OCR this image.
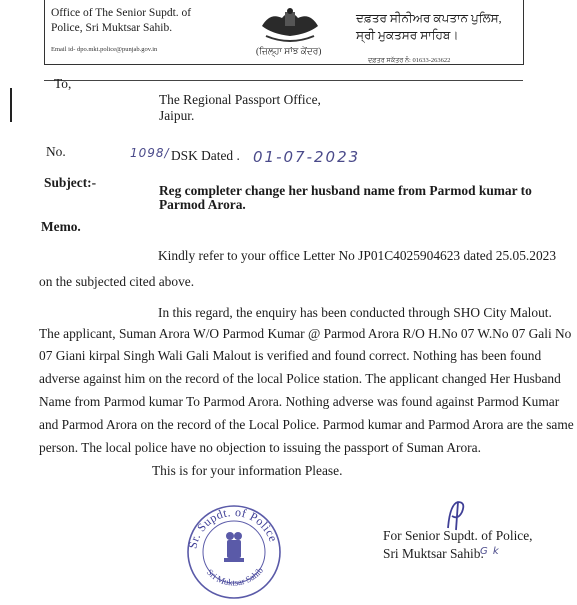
Office of The Senior Supdt. of
Police, Sri Muktsar Sahib.
Email id- dpo.mkt.police@punjab.gov.in	(ਜ਼ਿਲ੍ਹਾ ਸਾਂਝ ਕੇਂਦਰ)
ਦਫ਼ਤਰ ਸੀਨੀਅਰ ਕਪਤਾਨ ਪੁਲਿਸ,
ਸ੍ਰੀ ਮੁਕਤਸਰ ਸਾਹਿਬ।
ਦਫ਼ਤਰ ਸਕੱਤਰ ਨੰ: 01633-263622
To,
The Regional Passport Office,
Jaipur.
No.	1098/ DSK Dated . 01-07-2023
Subject:-
Reg completer change her husband name from Parmod kumar to
Parmod Arora.
Memo.
Kindly refer to your office Letter No JP01C4025904623 dated 25.05.2023
on the subjected cited above.
In this regard, the enquiry has been conducted through SHO City Malout.
The applicant, Suman Arora W/O Parmod Kumar @ Parmod Arora R/O H.No 07 W.No 07 Gali No
07 Giani kirpal Singh Wali Gali Malout is verified and found correct. Nothing has been found
adverse against him on the record of the local Police station. The applicant changed Her Husband
Name from Parmod kumar To Parmod Arora. Nothing adverse was found against Parmod Kumar
and Parmod Arora on the record of the Local Police. Parmod kumar and Parmod Arora are the same
person. The local police have no objection to issuing the passport of Suman Arora.
This is for your information Please.
Sr. Supdt. of Police
Sri Muktsar Sahib
For Senior Supdt. of Police,
Sri Muktsar Sahib.
G k
